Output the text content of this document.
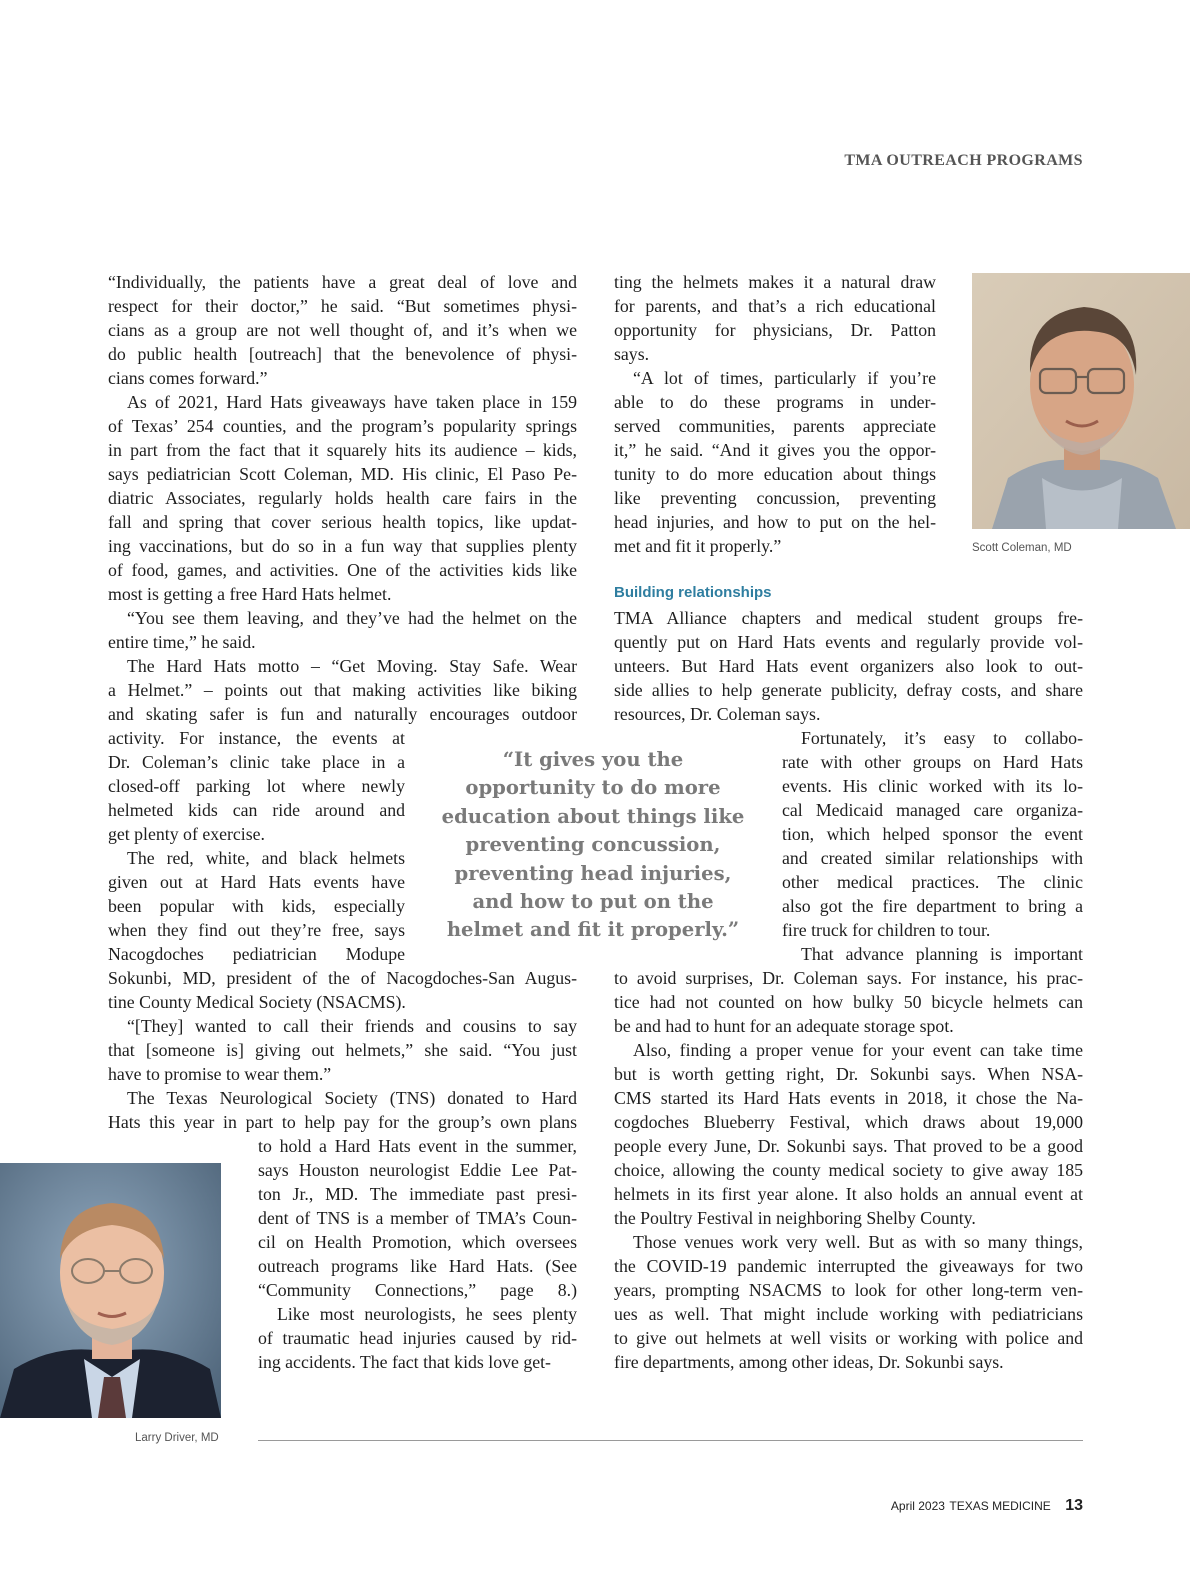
TMA OUTREACH PROGRAMS
“Individually, the patients have a great deal of love and
respect for their doctor,” he said. “But sometimes physi-
cians as a group are not well thought of, and it’s when we
do public health [outreach] that the benevolence of physi-
cians comes forward.”
As of 2021, Hard Hats giveaways have taken place in 159
of Texas’ 254 counties, and the program’s popularity springs
in part from the fact that it squarely hits its audience – kids,
says pediatrician Scott Coleman, MD. His clinic, El Paso Pe-
diatric Associates, regularly holds health care fairs in the
fall and spring that cover serious health topics, like updat-
ing vaccinations, but do so in a fun way that supplies plenty
of food, games, and activities. One of the activities kids like
most is getting a free Hard Hats helmet.
“You see them leaving, and they’ve had the helmet on the
entire time,” he said.
The Hard Hats motto – “Get Moving. Stay Safe. Wear
a Helmet.” – points out that making activities like biking
and skating safer is fun and naturally encourages outdoor
activity. For instance, the events at
Dr. Coleman’s clinic take place in a
closed-off parking lot where newly
helmeted kids can ride around and
get plenty of exercise.
The red, white, and black helmets
given out at Hard Hats events have
been popular with kids, especially
when they find out they’re free, says
Nacogdoches pediatrician Modupe
Sokunbi, MD, president of the of Nacogdoches-San Augus-
tine County Medical Society (NSACMS).
“[They] wanted to call their friends and cousins to say
that [someone is] giving out helmets,” she said. “You just
have to promise to wear them.”
The Texas Neurological Society (TNS) donated to Hard
Hats this year in part to help pay for the group’s own plans
to hold a Hard Hats event in the summer,
says Houston neurologist Eddie Lee Pat-
ton Jr., MD. The immediate past presi-
dent of TNS is a member of TMA’s Coun-
cil on Health Promotion, which oversees
outreach programs like Hard Hats. (See
“Community Connections,” page 8.)
Like most neurologists, he sees plenty
of traumatic head injuries caused by rid-
ing accidents. The fact that kids love get-
ting the helmets makes it a natural draw
for parents, and that’s a rich educational
opportunity for physicians, Dr. Patton
says.
“A lot of times, particularly if you’re
able to do these programs in under-
served communities, parents appreciate
it,” he said. “And it gives you the oppor-
tunity to do more education about things
like preventing concussion, preventing
head injuries, and how to put on the hel-
met and fit it properly.”
TMA Alliance chapters and medical student groups fre-
quently put on Hard Hats events and regularly provide vol-
unteers. But Hard Hats event organizers also look to out-
side allies to help generate publicity, defray costs, and share
resources, Dr. Coleman says.
Fortunately, it’s easy to collabo-
rate with other groups on Hard Hats
events. His clinic worked with its lo-
cal Medicaid managed care organiza-
tion, which helped sponsor the event
and created similar relationships with
other medical practices. The clinic
also got the fire department to bring a
fire truck for children to tour.
That advance planning is important
to avoid surprises, Dr. Coleman says. For instance, his prac-
tice had not counted on how bulky 50 bicycle helmets can
be and had to hunt for an adequate storage spot.
Also, finding a proper venue for your event can take time
but is worth getting right, Dr. Sokunbi says. When NSA-
CMS started its Hard Hats events in 2018, it chose the Na-
cogdoches Blueberry Festival, which draws about 19,000
people every June, Dr. Sokunbi says. That proved to be a good
choice, allowing the county medical society to give away 185
helmets in its first year alone. It also holds an annual event at
the Poultry Festival in neighboring Shelby County.
Those venues work very well. But as with so many things,
the COVID-19 pandemic interrupted the giveaways for two
years, prompting NSACMS to look for other long-term ven-
ues as well. That might include working with pediatricians
to give out helmets at well visits or working with police and
fire departments, among other ideas, Dr. Sokunbi says.
Building relationships
“It gives you the
opportunity to do more
education about things like
preventing concussion,
preventing head injuries,
and how to put on the
helmet and fit it properly.”
Scott Coleman, MD
Larry Driver, MD
April 2023 TEXAS MEDICINE 13
